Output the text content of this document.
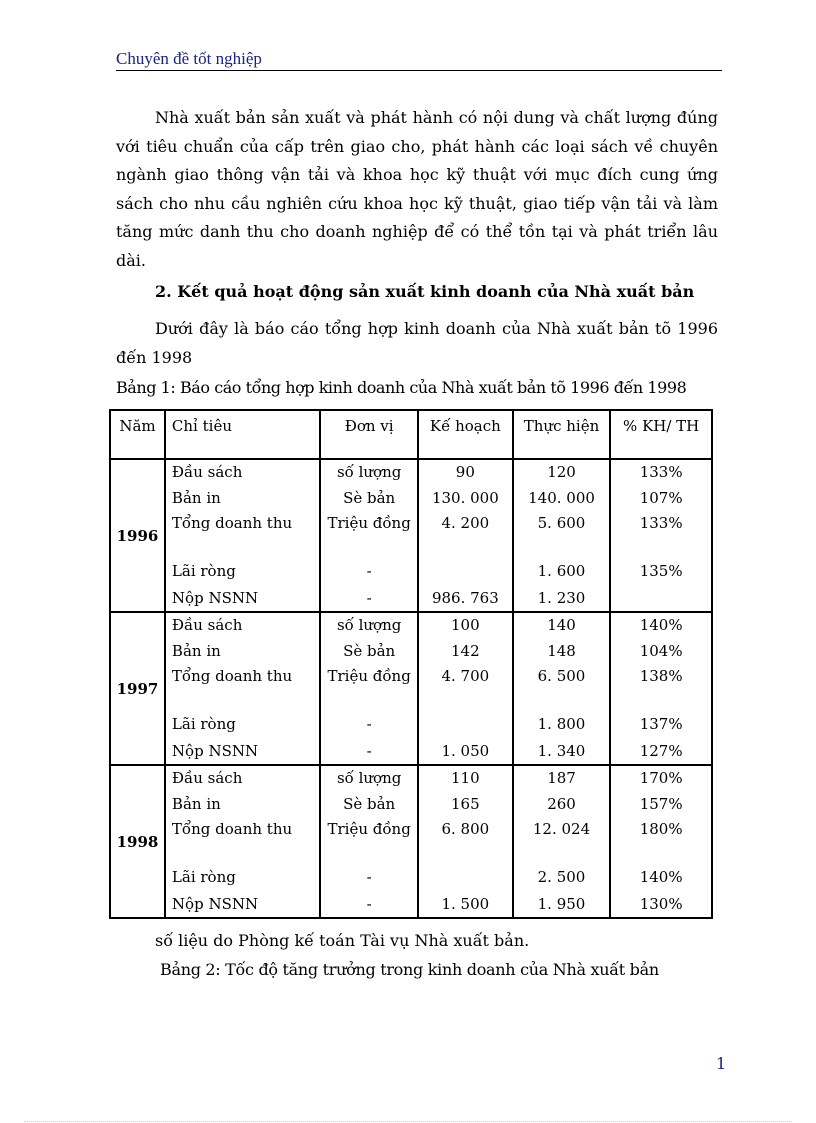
Chuyên đề tốt nghiệp
Nhà xuất bản sản xuất và phát hành có nội dung và chất lượng đúng với tiêu chuẩn của cấp trên giao cho, phát hành các loại sách về chuyên ngành giao thông vận tải và khoa học kỹ thuật với mục đích cung ứng sách cho nhu cầu nghiên cứu khoa học kỹ thuật, giao tiếp vận tải và làm tăng mức danh thu cho doanh nghiệp để có thể tồn tại và phát triển lâu dài.
2. Kết quả hoạt động sản xuất kinh doanh của Nhà xuất bản
Dưới đây là báo cáo tổng hợp kinh doanh của Nhà xuất bản tõ 1996 đến 1998
Bảng 1: Báo cáo tổng hợp kinh doanh của Nhà xuất bản tõ 1996 đến 1998
Năm	Chỉ tiêu	Đơn vị	Kế hoạch	Thực hiện	% KH/ TH
1996	Đầu sách	số lượng	90	120	133%
	Bản in	Sè bản	130. 000	140. 000	107%
	Tổng doanh thu	Triệu đồng	4. 200	5. 600	133%
	Lãi ròng	-		1. 600	135%
	Nộp NSNN	-	986. 763	1. 230	
1997	Đầu sách	số lượng	100	140	140%
	Bản in	Sè bản	142	148	104%
	Tổng doanh thu	Triệu đồng	4. 700	6. 500	138%
	Lãi ròng	-		1. 800	137%
	Nộp NSNN	-	1. 050	1. 340	127%
1998	Đầu sách	số lượng	110	187	170%
	Bản in	Sè bản	165	260	157%
	Tổng doanh thu	Triệu đồng	6. 800	12. 024	180%
	Lãi ròng	-		2. 500	140%
	Nộp NSNN	-	1. 500	1. 950	130%
số liệu do Phòng kế toán Tài vụ Nhà xuất bản.
Bảng 2: Tốc độ tăng trưởng trong kinh doanh của Nhà xuất bản
1
